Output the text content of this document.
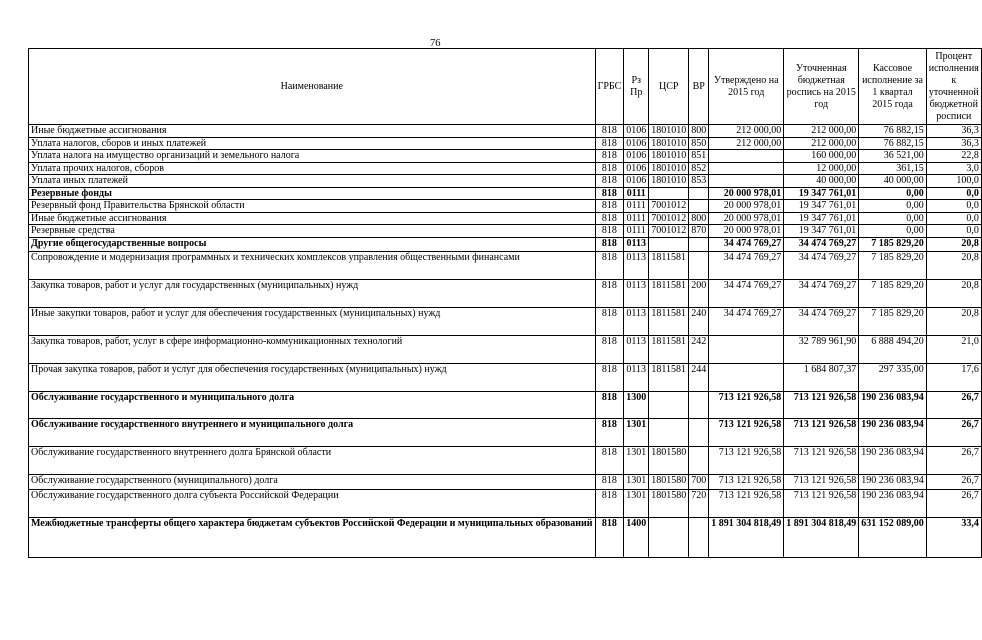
76
Наименование	ГРБС	Рз Пр	ЦСР	ВР	Утверждено на 2015 год	Уточненная бюджетная роспись на 2015 год	Кассовое исполнение за 1 квартал 2015 года	Процент исполнения к уточненной бюджетной росписи
Иные бюджетные ассигнования	818	0106	1801010	800	212 000,00	212 000,00	76 882,15	36,3
Уплата налогов, сборов и иных платежей	818	0106	1801010	850	212 000,00	212 000,00	76 882,15	36,3
Уплата налога на имущество организаций и земельного налога	818	0106	1801010	851		160 000,00	36 521,00	22,8
Уплата прочих налогов, сборов	818	0106	1801010	852		12 000,00	361,15	3,0
Уплата иных платежей	818	0106	1801010	853		40 000,00	40 000,00	100,0
Резервные фонды	818	0111			20 000 978,01	19 347 761,01	0,00	0,0
Резервный фонд Правительства Брянской области	818	0111	7001012		20 000 978,01	19 347 761,01	0,00	0,0
Иные бюджетные ассигнования	818	0111	7001012	800	20 000 978,01	19 347 761,01	0,00	0,0
Резервные средства	818	0111	7001012	870	20 000 978,01	19 347 761,01	0,00	0,0
Другие общегосударственные вопросы	818	0113			34 474 769,27	34 474 769,27	7 185 829,20	20,8
Сопровождение и модернизация программных и технических комплексов управления общественными финансами	818	0113	1811581		34 474 769,27	34 474 769,27	7 185 829,20	20,8
Закупка товаров, работ и услуг для государственных (муниципальных) нужд	818	0113	1811581	200	34 474 769,27	34 474 769,27	7 185 829,20	20,8
Иные закупки товаров, работ и услуг для обеспечения государственных (муниципальных) нужд	818	0113	1811581	240	34 474 769,27	34 474 769,27	7 185 829,20	20,8
Закупка товаров, работ, услуг в сфере информационно-коммуникационных технологий	818	0113	1811581	242		32 789 961,90	6 888 494,20	21,0
Прочая закупка товаров, работ и услуг для обеспечения государственных (муниципальных) нужд	818	0113	1811581	244		1 684 807,37	297 335,00	17,6
Обслуживание государственного и муниципального долга	818	1300			713 121 926,58	713 121 926,58	190 236 083,94	26,7
Обслуживание государственного внутреннего и муниципального долга	818	1301			713 121 926,58	713 121 926,58	190 236 083,94	26,7
Обслуживание государственного внутреннего долга Брянской области	818	1301	1801580		713 121 926,58	713 121 926,58	190 236 083,94	26,7
Обслуживание государственного (муниципального) долга	818	1301	1801580	700	713 121 926,58	713 121 926,58	190 236 083,94	26,7
Обслуживание государственного долга субъекта Российской Федерации	818	1301	1801580	720	713 121 926,58	713 121 926,58	190 236 083,94	26,7
Межбюджетные трансферты общего характера бюджетам субъектов Российской Федерации и муниципальных образований	818	1400			1 891 304 818,49	1 891 304 818,49	631 152 089,00	33,4
